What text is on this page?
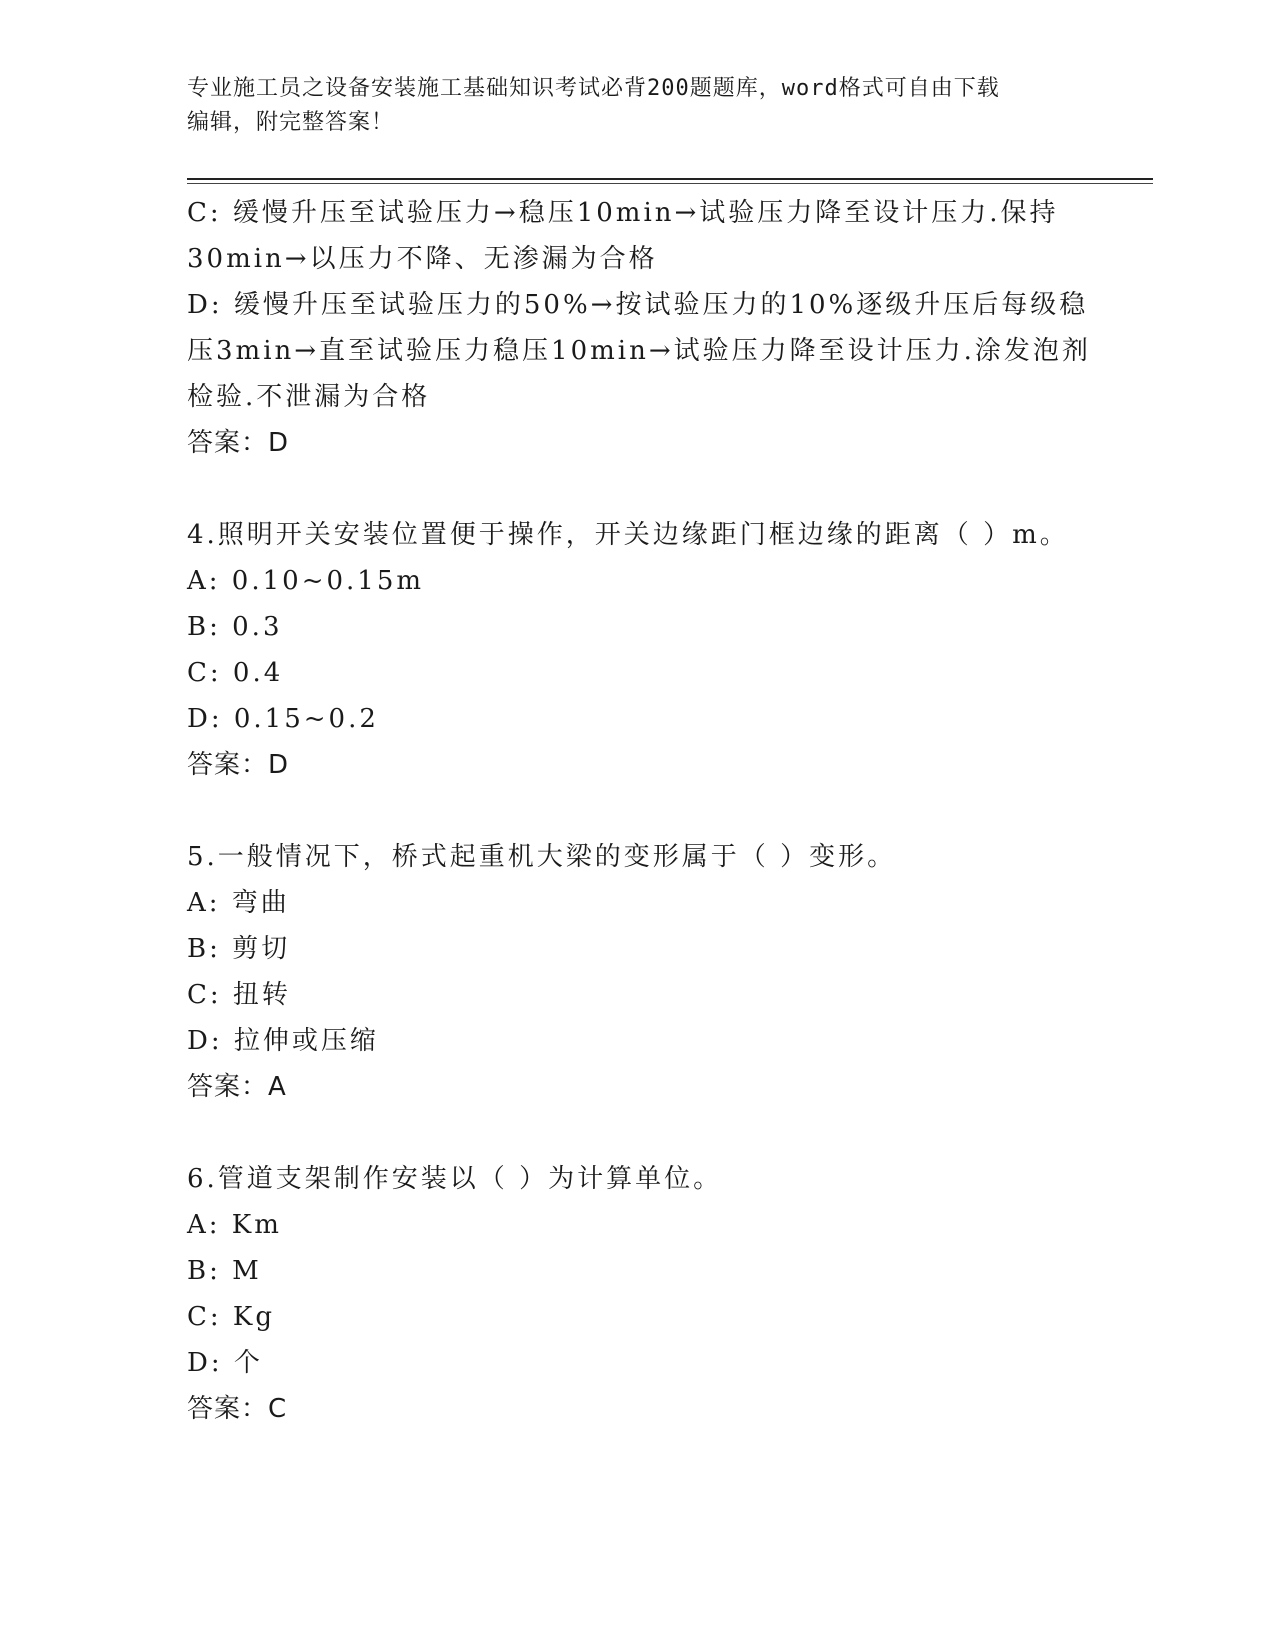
专业施工员之设备安装施工基础知识考试必背200题题库，word格式可自由下载
编辑，附完整答案！
C: 缓慢升压至试验压力→稳压10min→试验压力降至设计压力.保持
30min→以压力不降、无渗漏为合格
D: 缓慢升压至试验压力的50%→按试验压力的10%逐级升压后每级稳
压3min→直至试验压力稳压10min→试验压力降至设计压力.涂发泡剂
检验.不泄漏为合格
答案：D
4.照明开关安装位置便于操作，开关边缘距门框边缘的距离（ ）m。
A: 0.10~0.15m
B: 0.3
C: 0.4
D: 0.15~0.2
答案：D
5.一般情况下，桥式起重机大梁的变形属于（ ）变形。
A: 弯曲
B: 剪切
C: 扭转
D: 拉伸或压缩
答案：A
6.管道支架制作安装以（ ）为计算单位。
A: Km
B: M
C: Kg
D: 个
答案：C
